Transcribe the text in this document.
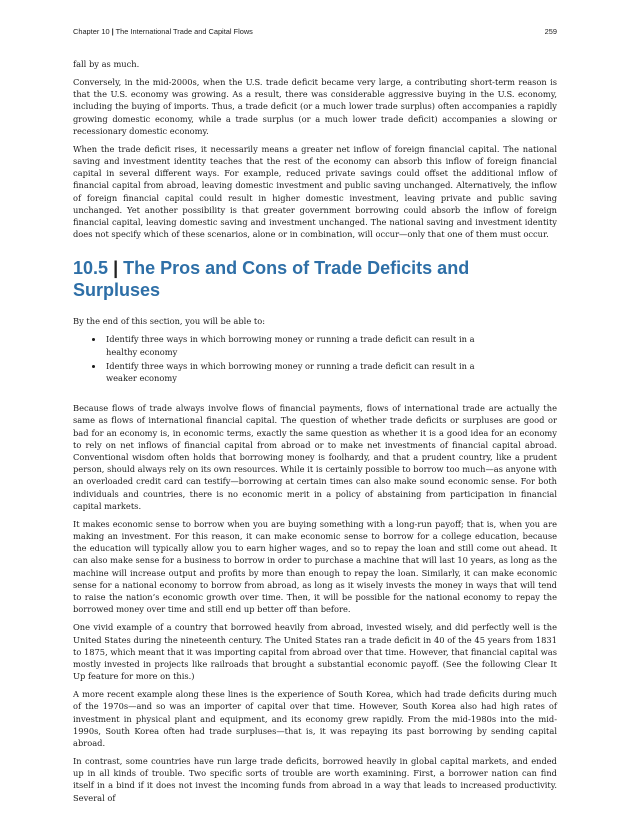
Chapter 10 | The International Trade and Capital Flows	259

fall by as much.

Conversely, in the mid-2000s, when the U.S. trade deficit became very large, a contributing short-term reason is that the U.S. economy was growing. As a result, there was considerable aggressive buying in the U.S. economy, including the buying of imports. Thus, a trade deficit (or a much lower trade surplus) often accompanies a rapidly growing domestic economy, while a trade surplus (or a much lower trade deficit) accompanies a slowing or recessionary domestic economy.

When the trade deficit rises, it necessarily means a greater net inflow of foreign financial capital. The national saving and investment identity teaches that the rest of the economy can absorb this inflow of foreign financial capital in several different ways. For example, reduced private savings could offset the additional inflow of financial capital from abroad, leaving domestic investment and public saving unchanged. Alternatively, the inflow of foreign financial capital could result in higher domestic investment, leaving private and public saving unchanged. Yet another possibility is that greater government borrowing could absorb the inflow of foreign financial capital, leaving domestic saving and investment unchanged. The national saving and investment identity does not specify which of these scenarios, alone or in combination, will occur—only that one of them must occur.

10.5 | The Pros and Cons of Trade Deficits and Surpluses

By the end of this section, you will be able to:

• Identify three ways in which borrowing money or running a trade deficit can result in a healthy economy
• Identify three ways in which borrowing money or running a trade deficit can result in a weaker economy

Because flows of trade always involve flows of financial payments, flows of international trade are actually the same as flows of international financial capital. The question of whether trade deficits or surpluses are good or bad for an economy is, in economic terms, exactly the same question as whether it is a good idea for an economy to rely on net inflows of financial capital from abroad or to make net investments of financial capital abroad. Conventional wisdom often holds that borrowing money is foolhardy, and that a prudent country, like a prudent person, should always rely on its own resources. While it is certainly possible to borrow too much—as anyone with an overloaded credit card can testify—borrowing at certain times can also make sound economic sense. For both individuals and countries, there is no economic merit in a policy of abstaining from participation in financial capital markets.

It makes economic sense to borrow when you are buying something with a long-run payoff; that is, when you are making an investment. For this reason, it can make economic sense to borrow for a college education, because the education will typically allow you to earn higher wages, and so to repay the loan and still come out ahead. It can also make sense for a business to borrow in order to purchase a machine that will last 10 years, as long as the machine will increase output and profits by more than enough to repay the loan. Similarly, it can make economic sense for a national economy to borrow from abroad, as long as it wisely invests the money in ways that will tend to raise the nation’s economic growth over time. Then, it will be possible for the national economy to repay the borrowed money over time and still end up better off than before.

One vivid example of a country that borrowed heavily from abroad, invested wisely, and did perfectly well is the United States during the nineteenth century. The United States ran a trade deficit in 40 of the 45 years from 1831 to 1875, which meant that it was importing capital from abroad over that time. However, that financial capital was mostly invested in projects like railroads that brought a substantial economic payoff. (See the following Clear It Up feature for more on this.)

A more recent example along these lines is the experience of South Korea, which had trade deficits during much of the 1970s—and so was an importer of capital over that time. However, South Korea also had high rates of investment in physical plant and equipment, and its economy grew rapidly. From the mid-1980s into the mid-1990s, South Korea often had trade surpluses—that is, it was repaying its past borrowing by sending capital abroad.

In contrast, some countries have run large trade deficits, borrowed heavily in global capital markets, and ended up in all kinds of trouble. Two specific sorts of trouble are worth examining. First, a borrower nation can find itself in a bind if it does not invest the incoming funds from abroad in a way that leads to increased productivity. Several of
